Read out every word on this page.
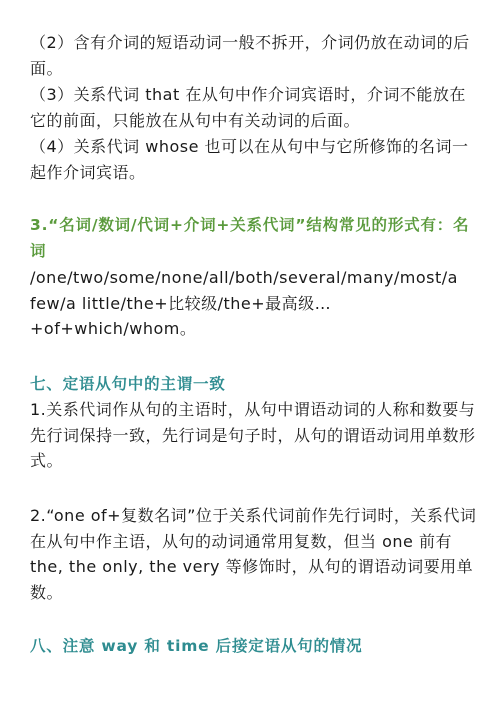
（2）含有介词的短语动词一般不拆开，介词仍放在动词的后面。

（3）关系代词 that 在从句中作介词宾语时，介词不能放在它的前面，只能放在从句中有关动词的后面。

（4）关系代词 whose 也可以在从句中与它所修饰的名词一起作介词宾语。

3.“名词/数词/代词+介词+关系代词”结构常见的形式有：名词

/one/two/some/none/all/both/several/many/most/a
few/a little/the+比较级/the+最高级…
+of+which/whom。

七、定语从句中的主谓一致

1.关系代词作从句的主语时，从句中谓语动词的人称和数要与先行词保持一致，先行词是句子时，从句的谓语动词用单数形式。

2.“one of+复数名词”位于关系代词前作先行词时，关系代词在从句中作主语，从句的动词通常用复数，但当 one 前有 the, the only, the very 等修饰时，从句的谓语动词要用单数。

八、注意 way 和 time 后接定语从句的情况
